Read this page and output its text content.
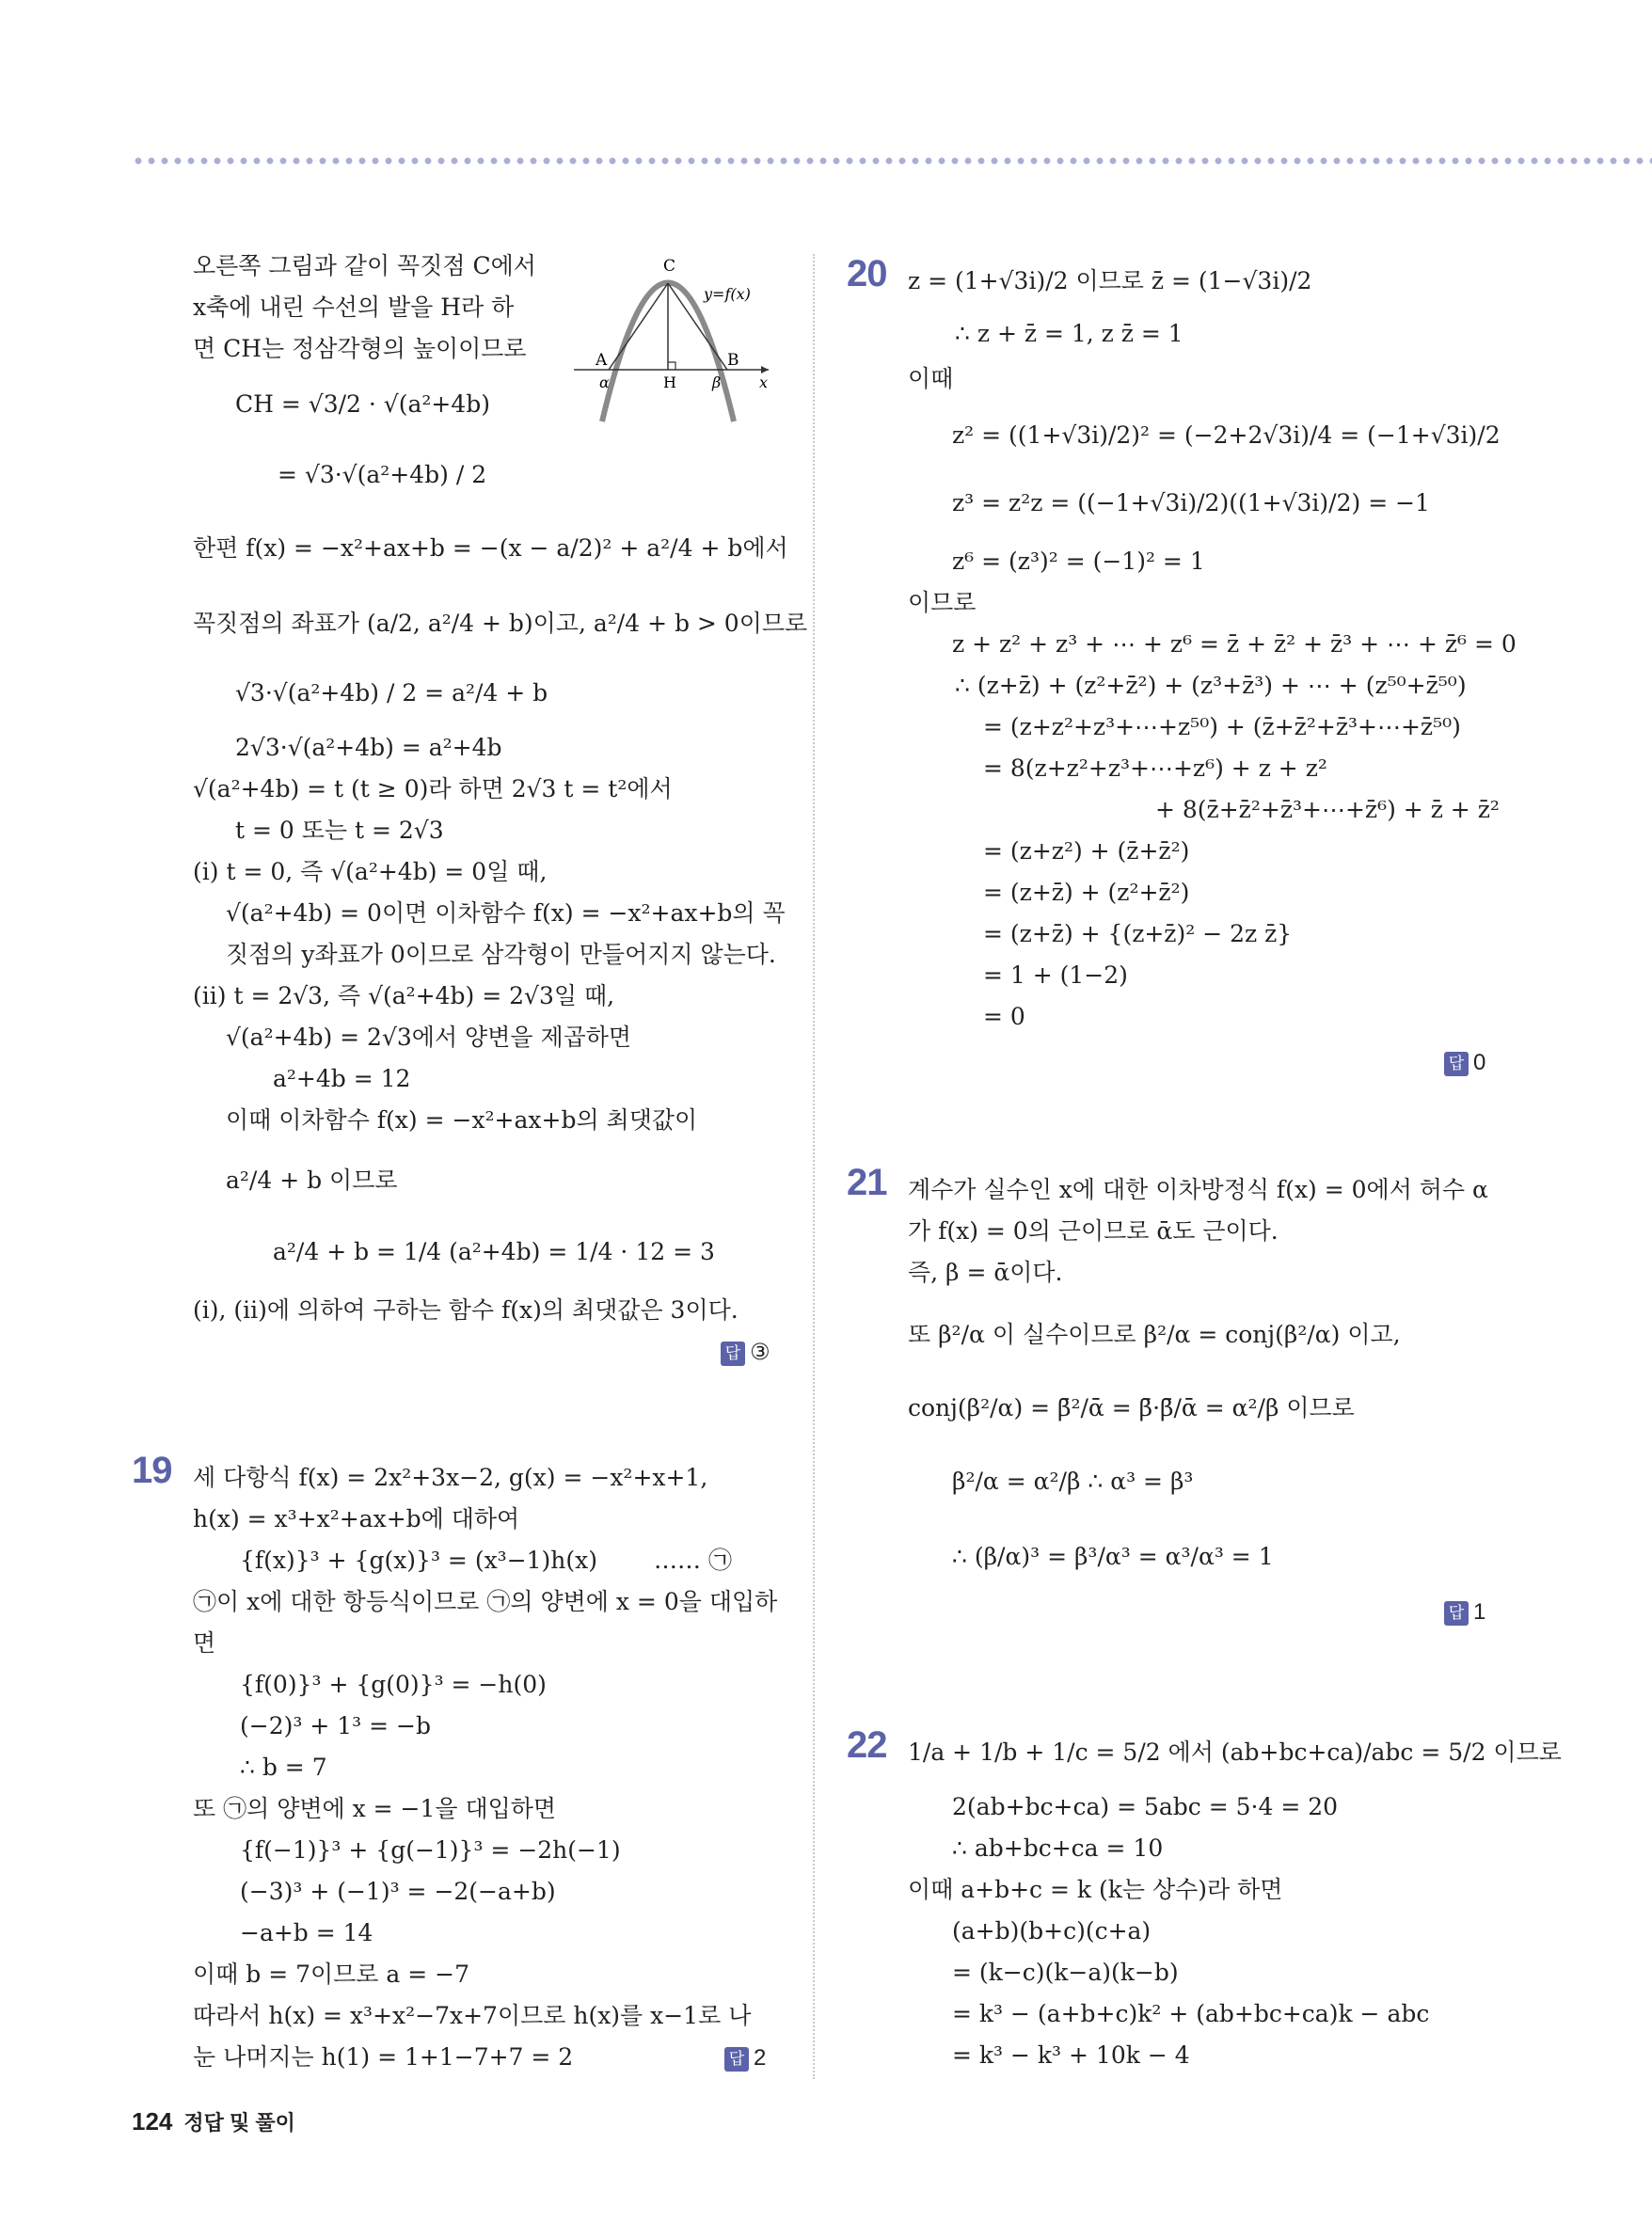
오른쪽 그림과 같이 꼭짓점 C에서
x축에 내린 수선의 발을 H라 하
면 CH는 정삼각형의 높이이므로
CH = √3/2 · √(a²+4b)
= √3·√(a²+4b) / 2
한편 f(x) = −x²+ax+b = −(x − a/2)² + a²/4 + b에서
꼭짓점의 좌표가 (a/2, a²/4 + b)이고, a²/4 + b > 0이므로
√3·√(a²+4b) / 2 = a²/4 + b
2√3·√(a²+4b) = a²+4b
√(a²+4b) = t (t ≥ 0)라 하면 2√3 t = t²에서
t = 0 또는 t = 2√3
(i) t = 0, 즉 √(a²+4b) = 0일 때,
√(a²+4b) = 0이면 이차함수 f(x) = −x²+ax+b의 꼭
짓점의 y좌표가 0이므로 삼각형이 만들어지지 않는다.
(ii) t = 2√3, 즉 √(a²+4b) = 2√3일 때,
√(a²+4b) = 2√3에서 양변을 제곱하면
a²+4b = 12
이때 이차함수 f(x) = −x²+ax+b의 최댓값이
a²/4 + b 이므로
a²/4 + b = 1/4 (a²+4b) = 1/4 · 12 = 3
(i), (ii)에 의하여 구하는 함수 f(x)의 최댓값은 3이다.
답 ③
C
y=f(x)
A	B
H
α	β	x
19 세 다항식 f(x) = 2x²+3x−2, g(x) = −x²+x+1,
h(x) = x³+x²+ax+b에 대하여
{f(x)}³ + {g(x)}³ = (x³−1)h(x) …… ㉠
㉠이 x에 대한 항등식이므로 ㉠의 양변에 x = 0을 대입하
면
{f(0)}³ + {g(0)}³ = −h(0)
(−2)³ + 1³ = −b
∴ b = 7
또 ㉠의 양변에 x = −1을 대입하면
{f(−1)}³ + {g(−1)}³ = −2h(−1)
(−3)³ + (−1)³ = −2(−a+b)
−a+b = 14
이때 b = 7이므로 a = −7
따라서 h(x) = x³+x²−7x+7이므로 h(x)를 x−1로 나
눈 나머지는 h(1) = 1+1−7+7 = 2	답 2
20 z = (1+√3i)/2 이므로 z̄ = (1−√3i)/2
∴ z + z̄ = 1, z z̄ = 1
이때
z² = ((1+√3i)/2)² = (−2+2√3i)/4 = (−1+√3i)/2
z³ = z²z = ((−1+√3i)/2)((1+√3i)/2) = −1
z⁶ = (z³)² = (−1)² = 1
이므로
z + z² + z³ + ⋯ + z⁶ = z̄ + z̄² + z̄³ + ⋯ + z̄⁶ = 0
∴ (z+z̄) + (z²+z̄²) + (z³+z̄³) + ⋯ + (z⁵⁰+z̄⁵⁰)
= (z+z²+z³+⋯+z⁵⁰) + (z̄+z̄²+z̄³+⋯+z̄⁵⁰)
= 8(z+z²+z³+⋯+z⁶) + z + z²
+ 8(z̄+z̄²+z̄³+⋯+z̄⁶) + z̄ + z̄²
= (z+z²) + (z̄+z̄²)
= (z+z̄) + (z²+z̄²)
= (z+z̄) + {(z+z̄)² − 2z z̄}
= 1 + (1−2)
= 0
답 0
21 계수가 실수인 x에 대한 이차방정식 f(x) = 0에서 허수 α
가 f(x) = 0의 근이므로 ᾱ도 근이다.
즉, β = ᾱ이다.
또 β²/α 이 실수이므로 β²/α = conj(β²/α) 이고,
conj(β²/α) = β̄²/ᾱ = β̄·β̄/ᾱ = α²/β 이므로
β²/α = α²/β ∴ α³ = β³
∴ (β/α)³ = β³/α³ = α³/α³ = 1
답 1
22 1/a + 1/b + 1/c = 5/2 에서 (ab+bc+ca)/abc = 5/2 이므로
2(ab+bc+ca) = 5abc = 5·4 = 20
∴ ab+bc+ca = 10
이때 a+b+c = k (k는 상수)라 하면
(a+b)(b+c)(c+a)
= (k−c)(k−a)(k−b)
= k³ − (a+b+c)k² + (ab+bc+ca)k − abc
= k³ − k³ + 10k − 4
124 정답 및 풀이
